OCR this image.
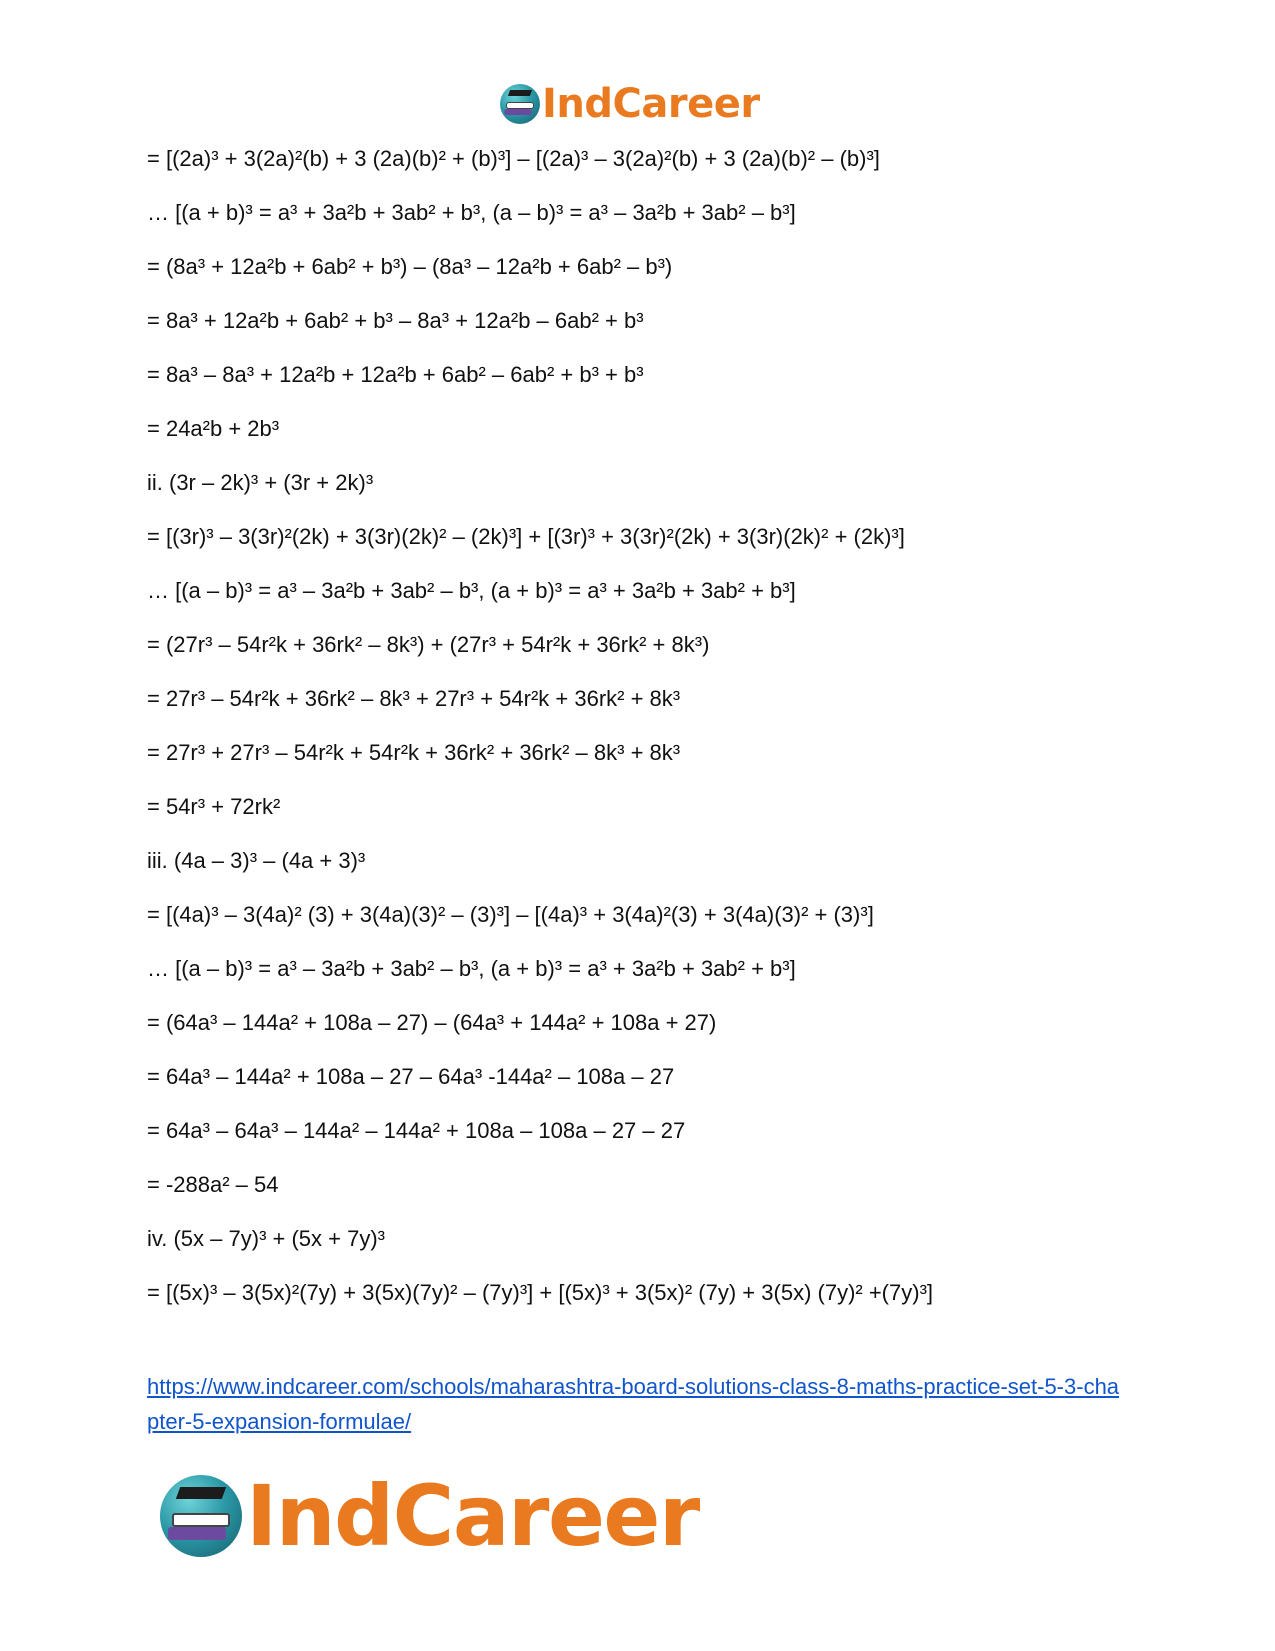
IndCareer
= [(2a)³ + 3(2a)²(b) + 3 (2a)(b)² + (b)³] – [(2a)³ – 3(2a)²(b) + 3 (2a)(b)² – (b)³]
… [(a + b)³ = a³ + 3a²b + 3ab² + b³, (a – b)³ = a³ – 3a²b + 3ab² – b³]
= (8a³ + 12a²b + 6ab² + b³) – (8a³ – 12a²b + 6ab² – b³)
= 8a³ + 12a²b + 6ab² + b³ – 8a³ + 12a²b – 6ab² + b³
= 8a³ – 8a³ + 12a²b + 12a²b + 6ab² – 6ab² + b³ + b³
= 24a²b + 2b³
ii. (3r – 2k)³ + (3r + 2k)³
= [(3r)³ – 3(3r)²(2k) + 3(3r)(2k)² – (2k)³] + [(3r)³ + 3(3r)²(2k) + 3(3r)(2k)² + (2k)³]
… [(a – b)³ = a³ – 3a²b + 3ab² – b³, (a + b)³ = a³ + 3a²b + 3ab² + b³]
= (27r³ – 54r²k + 36rk² – 8k³) + (27r³ + 54r²k + 36rk² + 8k³)
= 27r³ – 54r²k + 36rk² – 8k³ + 27r³ + 54r²k + 36rk² + 8k³
= 27r³ + 27r³ – 54r²k + 54r²k + 36rk² + 36rk² – 8k³ + 8k³
= 54r³ + 72rk²
iii. (4a – 3)³ – (4a + 3)³
= [(4a)³ – 3(4a)² (3) + 3(4a)(3)² – (3)³] – [(4a)³ + 3(4a)²(3) + 3(4a)(3)² + (3)³]
… [(a – b)³ = a³ – 3a²b + 3ab² – b³, (a + b)³ = a³ + 3a²b + 3ab² + b³]
= (64a³ – 144a² + 108a – 27) – (64a³ + 144a² + 108a + 27)
= 64a³ – 144a² + 108a – 27 – 64a³ -144a² – 108a – 27
= 64a³ – 64a³ – 144a² – 144a² + 108a – 108a – 27 – 27
= -288a² – 54
iv. (5x – 7y)³ + (5x + 7y)³
= [(5x)³ – 3(5x)²(7y) + 3(5x)(7y)² – (7y)³] + [(5x)³ + 3(5x)² (7y) + 3(5x) (7y)² +(7y)³]
https://www.indcareer.com/schools/maharashtra-board-solutions-class-8-maths-practice-set-5-3-chapter-5-expansion-formulae/
IndCareer
